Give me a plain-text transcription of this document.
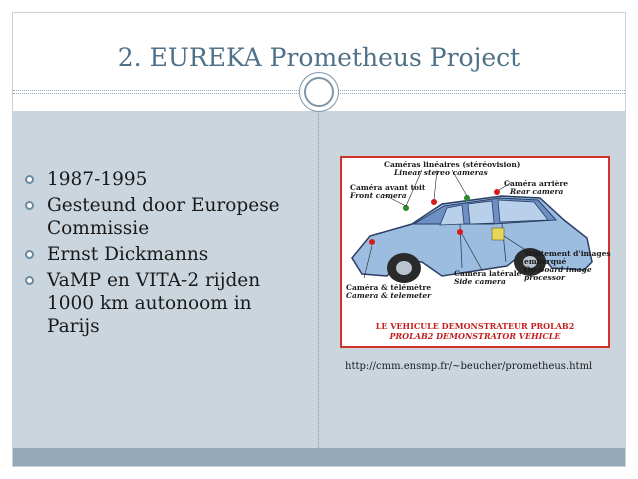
2. EUREKA Prometheus Project
1987-1995
Gesteund door Europese Commissie
Ernst Dickmanns
VaMP en VITA-2 rijden 1000 km autonoom in Parijs
Caméras linéaires (stéréovision)
Linear stereo cameras
Caméra arrière
Rear camera
Caméra avant toit
Front camera
Traitement d'images
embarqué
On-board image
processor
Caméra latérale
Side camera
Caméra & télémètre
Camera & telemeter
LE VEHICULE DEMONSTRATEUR PROLAB2
PROLAB2 DEMONSTRATOR VEHICLE
http://cmm.ensmp.fr/~beucher/prometheus.html
